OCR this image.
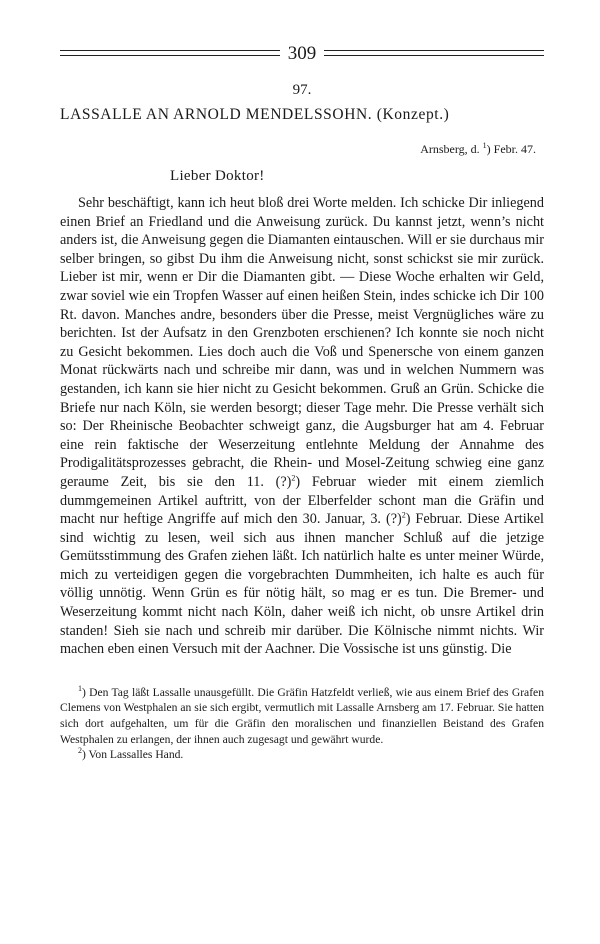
309
97.
LASSALLE AN ARNOLD MENDELSSOHN. (Konzept.)
Arnsberg, d. $^1$) Febr. 47.
Lieber Doktor!

Sehr beschäftigt, kann ich heut bloß drei Worte melden. Ich schicke Dir inliegend einen Brief an Friedland und die Anweisung zurück. Du kannst jetzt, wenn’s nicht anders ist, die Anweisung gegen die Diamanten eintauschen. Will er sie durchaus mir selber bringen, so gibst Du ihm die Anweisung nicht, sonst schickst sie mir zurück. Lieber ist mir, wenn er Dir die Diamanten gibt. — Diese Woche erhalten wir Geld, zwar soviel wie ein Tropfen Wasser auf einen heißen Stein, indes schicke ich Dir 100 Rt. davon. Manches andre, besonders über die Presse, meist Vergnügliches wäre zu berichten. Ist der Aufsatz in den Grenzboten erschienen? Ich konnte sie noch nicht zu Gesicht bekommen. Lies doch auch die Voß und Spenersche von einem ganzen Monat rückwärts nach und schreibe mir dann, was und in welchen Nummern was gestanden, ich kann sie hier nicht zu Gesicht bekommen. Gruß an Grün. Schicke die Briefe nur nach Köln, sie werden besorgt; dieser Tage mehr. Die Presse verhält sich so: Der Rheinische Beobachter schweigt ganz, die Augsburger hat am 4. Februar eine rein faktische der Weserzeitung entlehnte Meldung der Annahme des Prodigalitätsprozesses gebracht, die Rhein- und Mosel-Zeitung schwieg eine ganz geraume Zeit, bis sie den 11. (?)$^2$) Februar wieder mit einem ziemlich dummgemeinen Artikel auftritt, von der Elberfelder schont man die Gräfin und macht nur heftige Angriffe auf mich den 30. Januar, 3. (?)$^2$) Februar. Diese Artikel sind wichtig zu lesen, weil sich aus ihnen mancher Schluß auf die jetzige Gemütsstimmung des Grafen ziehen läßt. Ich natürlich halte es unter meiner Würde, mich zu verteidigen gegen die vorgebrachten Dummheiten, ich halte es auch für völlig unnötig. Wenn Grün es für nötig hält, so mag er es tun. Die Bremer- und Weserzeitung kommt nicht nach Köln, daher weiß ich nicht, ob unsre Artikel drin standen! Sieh sie nach und schreib mir darüber. Die Kölnische nimmt nichts. Wir machen eben einen Versuch mit der Aachner. Die Vossische ist uns günstig. Die

$^1$) Den Tag läßt Lassalle unausgefüllt. Die Gräfin Hatzfeldt verließ, wie aus einem Brief des Grafen Clemens von Westphalen an sie sich ergibt, vermutlich mit Lassalle Arnsberg am 17. Februar. Sie hatten sich dort aufgehalten, um für die Gräfin den moralischen und finanziellen Beistand des Grafen Westphalen zu erlangen, der ihnen auch zugesagt und gewährt wurde.

$^2$) Von Lassalles Hand.
